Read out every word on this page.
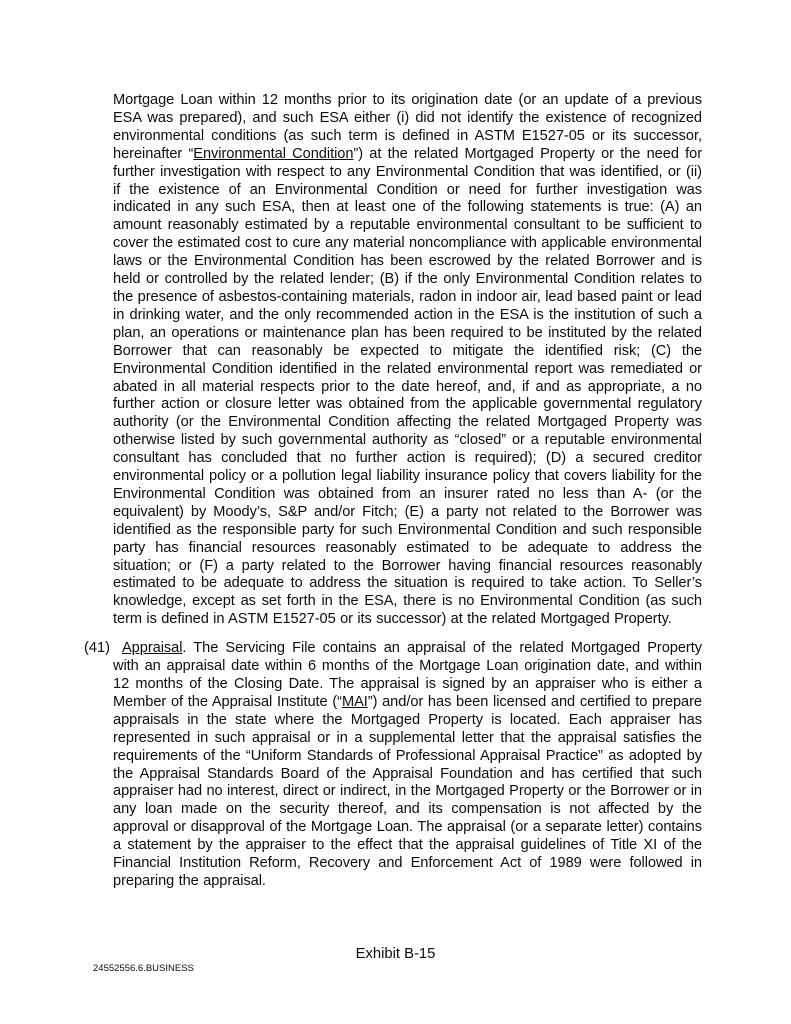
Mortgage Loan within 12 months prior to its origination date (or an update of a previous ESA was prepared), and such ESA either (i) did not identify the existence of recognized environmental conditions (as such term is defined in ASTM E1527-05 or its successor, hereinafter “Environmental Condition”) at the related Mortgaged Property or the need for further investigation with respect to any Environmental Condition that was identified, or (ii) if the existence of an Environmental Condition or need for further investigation was indicated in any such ESA, then at least one of the following statements is true: (A) an amount reasonably estimated by a reputable environmental consultant to be sufficient to cover the estimated cost to cure any material noncompliance with applicable environmental laws or the Environmental Condition has been escrowed by the related Borrower and is held or controlled by the related lender; (B) if the only Environmental Condition relates to the presence of asbestos-containing materials, radon in indoor air, lead based paint or lead in drinking water, and the only recommended action in the ESA is the institution of such a plan, an operations or maintenance plan has been required to be instituted by the related Borrower that can reasonably be expected to mitigate the identified risk; (C) the Environmental Condition identified in the related environmental report was remediated or abated in all material respects prior to the date hereof, and, if and as appropriate, a no further action or closure letter was obtained from the applicable governmental regulatory authority (or the Environmental Condition affecting the related Mortgaged Property was otherwise listed by such governmental authority as “closed” or a reputable environmental consultant has concluded that no further action is required); (D) a secured creditor environmental policy or a pollution legal liability insurance policy that covers liability for the Environmental Condition was obtained from an insurer rated no less than A- (or the equivalent) by Moody’s, S&P and/or Fitch; (E) a party not related to the Borrower was identified as the responsible party for such Environmental Condition and such responsible party has financial resources reasonably estimated to be adequate to address the situation; or (F) a party related to the Borrower having financial resources reasonably estimated to be adequate to address the situation is required to take action. To Seller’s knowledge, except as set forth in the ESA, there is no Environmental Condition (as such term is defined in ASTM E1527-05 or its successor) at the related Mortgaged Property.

(41) Appraisal. The Servicing File contains an appraisal of the related Mortgaged Property with an appraisal date within 6 months of the Mortgage Loan origination date, and within 12 months of the Closing Date. The appraisal is signed by an appraiser who is either a Member of the Appraisal Institute (“MAI”) and/or has been licensed and certified to prepare appraisals in the state where the Mortgaged Property is located. Each appraiser has represented in such appraisal or in a supplemental letter that the appraisal satisfies the requirements of the “Uniform Standards of Professional Appraisal Practice” as adopted by the Appraisal Standards Board of the Appraisal Foundation and has certified that such appraiser had no interest, direct or indirect, in the Mortgaged Property or the Borrower or in any loan made on the security thereof, and its compensation is not affected by the approval or disapproval of the Mortgage Loan. The appraisal (or a separate letter) contains a statement by the appraiser to the effect that the appraisal guidelines of Title XI of the Financial Institution Reform, Recovery and Enforcement Act of 1989 were followed in preparing the appraisal.

Exhibit B-15
24552556.6.BUSINESS
